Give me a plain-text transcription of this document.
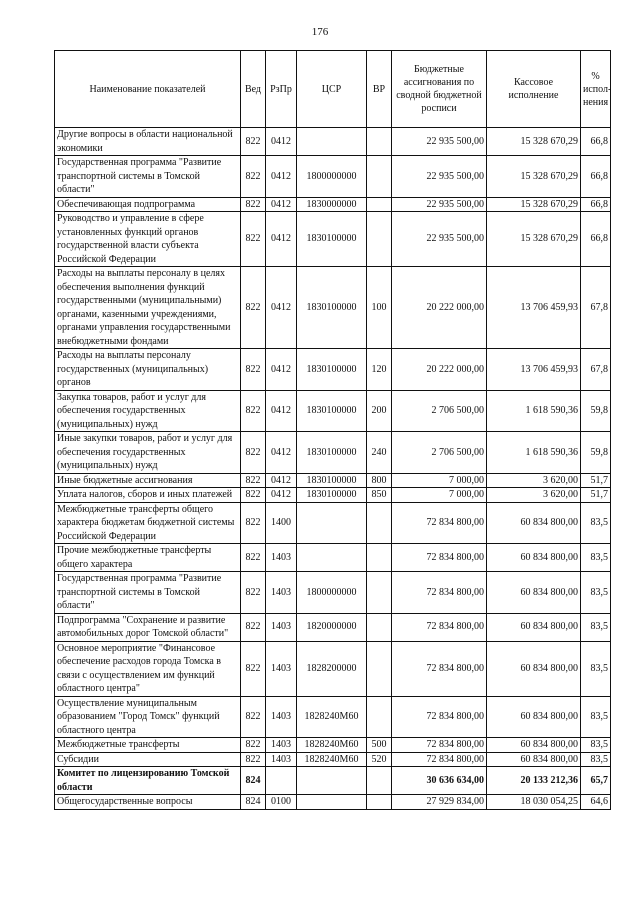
176
Наименование показателей	Вед	РзПр	ЦСР	ВР	Бюджетные ассигнования по сводной бюджетной росписи	Кассовое исполнение	% испол-нения
Другие вопросы в области национальной экономики	822	0412			22 935 500,00	15 328 670,29	66,8
Государственная программа "Развитие транспортной системы в Томской области"	822	0412	1800000000		22 935 500,00	15 328 670,29	66,8
Обеспечивающая подпрограмма	822	0412	1830000000		22 935 500,00	15 328 670,29	66,8
Руководство и управление в сфере установленных функций органов государственной власти субъекта Российской Федерации	822	0412	1830100000		22 935 500,00	15 328 670,29	66,8
Расходы на выплаты персоналу в целях обеспечения выполнения функций государственными (муниципальными) органами, казенными учреждениями, органами управления государственными внебюджетными фондами	822	0412	1830100000	100	20 222 000,00	13 706 459,93	67,8
Расходы на выплаты персоналу государственных (муниципальных) органов	822	0412	1830100000	120	20 222 000,00	13 706 459,93	67,8
Закупка товаров, работ и услуг для обеспечения государственных (муниципальных) нужд	822	0412	1830100000	200	2 706 500,00	1 618 590,36	59,8
Иные закупки товаров, работ и услуг для обеспечения государственных (муниципальных) нужд	822	0412	1830100000	240	2 706 500,00	1 618 590,36	59,8
Иные бюджетные ассигнования	822	0412	1830100000	800	7 000,00	3 620,00	51,7
Уплата налогов, сборов и иных платежей	822	0412	1830100000	850	7 000,00	3 620,00	51,7
Межбюджетные трансферты общего характера бюджетам бюджетной системы Российской Федерации	822	1400			72 834 800,00	60 834 800,00	83,5
Прочие межбюджетные трансферты общего характера	822	1403			72 834 800,00	60 834 800,00	83,5
Государственная программа "Развитие транспортной системы в Томской области"	822	1403	1800000000		72 834 800,00	60 834 800,00	83,5
Подпрограмма "Сохранение и развитие автомобильных дорог Томской области"	822	1403	1820000000		72 834 800,00	60 834 800,00	83,5
Основное мероприятие "Финансовое обеспечение расходов города Томска в связи с осуществлением им функций областного центра"	822	1403	1828200000		72 834 800,00	60 834 800,00	83,5
Осуществление муниципальным образованием "Город Томск" функций областного центра	822	1403	1828240М60		72 834 800,00	60 834 800,00	83,5
Межбюджетные трансферты	822	1403	1828240М60	500	72 834 800,00	60 834 800,00	83,5
Субсидии	822	1403	1828240М60	520	72 834 800,00	60 834 800,00	83,5
Комитет по лицензированию Томской области	824				30 636 634,00	20 133 212,36	65,7
Общегосударственные вопросы	824	0100			27 929 834,00	18 030 054,25	64,6
